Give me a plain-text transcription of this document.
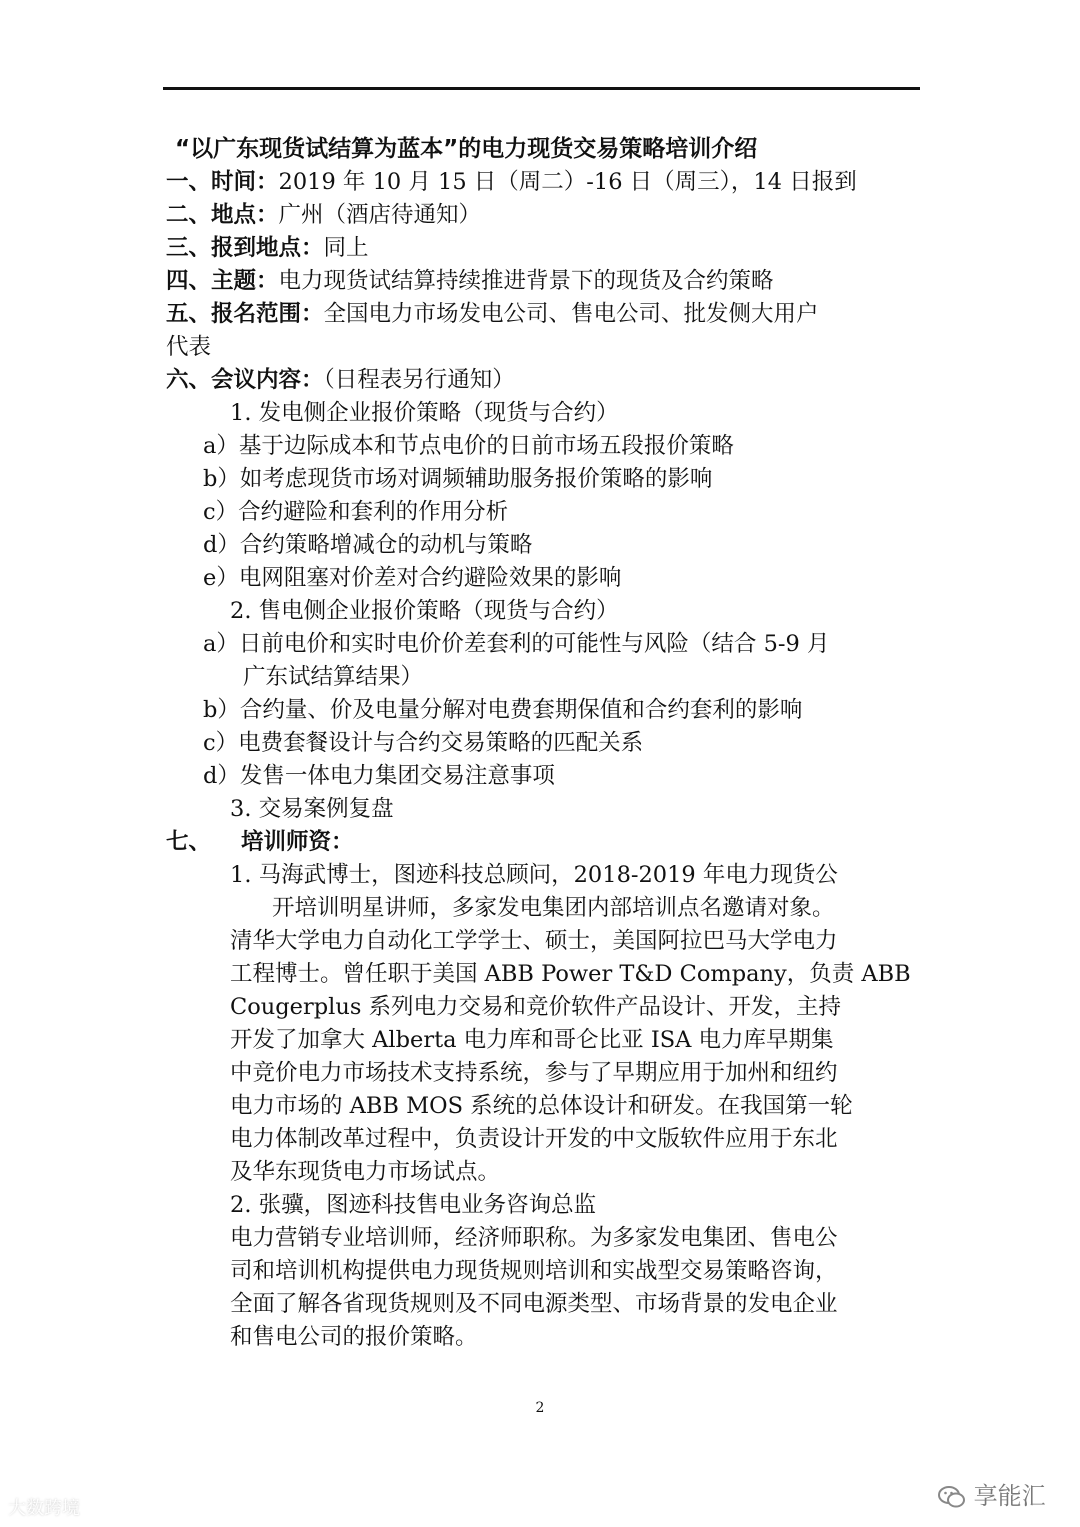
“以广东现货试结算为蓝本”的电力现货交易策略培训介绍
一、时间：2019 年 10 月 15 日（周二）-16 日（周三），14 日报到
二、地点：广州（酒店待通知）
三、报到地点：同上
四、主题：电力现货试结算持续推进背景下的现货及合约策略
五、报名范围：全国电力市场发电公司、售电公司、批发侧大用户
代表
六、会议内容：（日程表另行通知）
1. 发电侧企业报价策略（现货与合约）
a）基于边际成本和节点电价的日前市场五段报价策略
b）如考虑现货市场对调频辅助服务报价策略的影响
c）合约避险和套利的作用分析
d）合约策略增减仓的动机与策略
e）电网阻塞对价差对合约避险效果的影响
2. 售电侧企业报价策略（现货与合约）
a）日前电价和实时电价价差套利的可能性与风险（结合 5-9 月
广东试结算结果）
b）合约量、价及电量分解对电费套期保值和合约套利的影响
c）电费套餐设计与合约交易策略的匹配关系
d）发售一体电力集团交易注意事项
3. 交易案例复盘
七、 培训师资：
1. 马海武博士，图迹科技总顾问，2018-2019 年电力现货公
开培训明星讲师，多家发电集团内部培训点名邀请对象。
清华大学电力自动化工学学士、硕士，美国阿拉巴马大学电力
工程博士。曾任职于美国 ABB Power T&D Company，负责 ABB
Cougerplus 系列电力交易和竞价软件产品设计、开发，主持
开发了加拿大 Alberta 电力库和哥仑比亚 ISA 电力库早期集
中竞价电力市场技术支持系统，参与了早期应用于加州和纽约
电力市场的 ABB MOS 系统的总体设计和研发。在我国第一轮
电力体制改革过程中，负责设计开发的中文版软件应用于东北
及华东现货电力市场试点。
2. 张骥，图迹科技售电业务咨询总监
电力营销专业培训师，经济师职称。为多家发电集团、售电公
司和培训机构提供电力现货规则培训和实战型交易策略咨询，
全面了解各省现货规则及不同电源类型、市场背景的发电企业
和售电公司的报价策略。
2
大数跨境	享能汇
